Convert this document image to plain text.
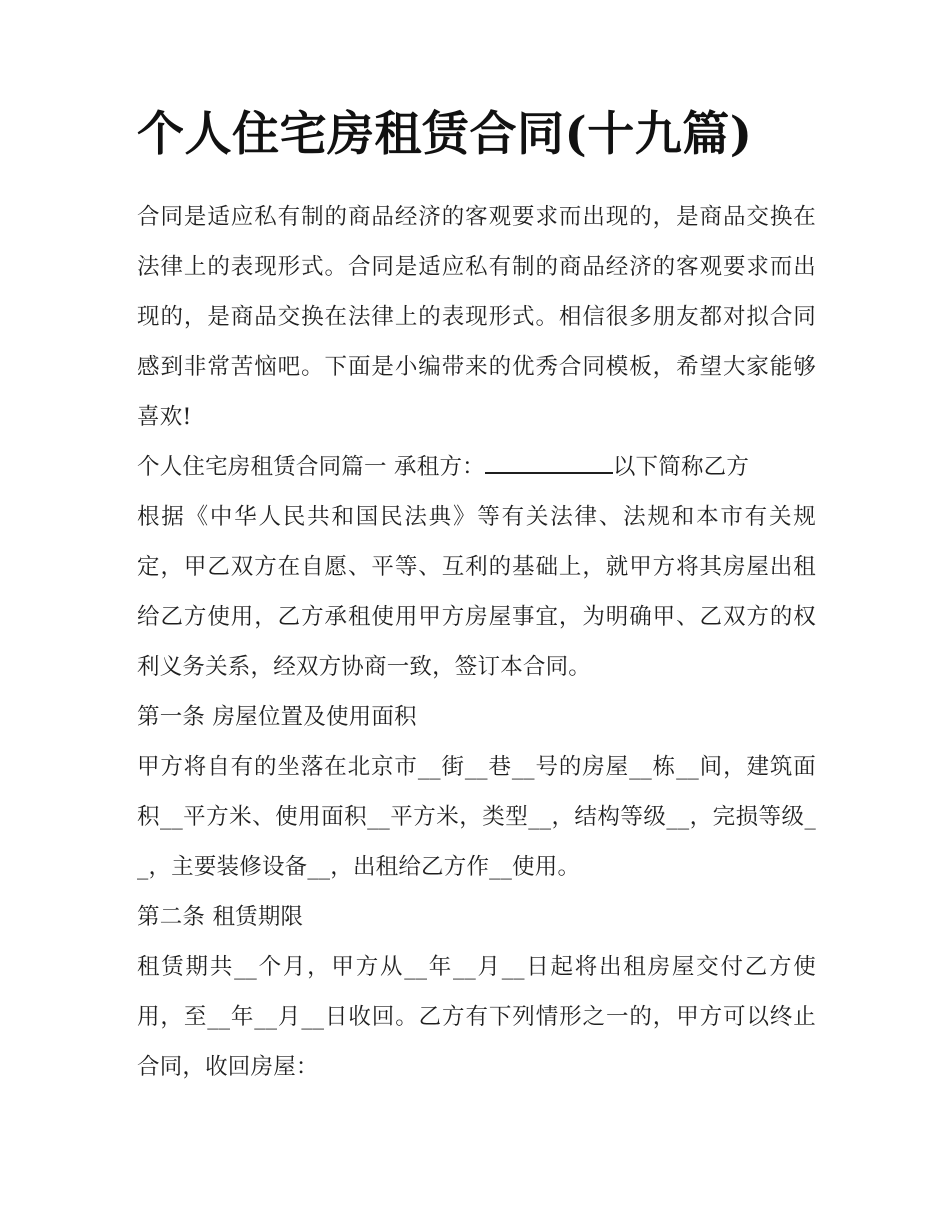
个人住宅房租赁合同(十九篇)

合同是适应私有制的商品经济的客观要求而出现的，是商品交换在法律上的表现形式。合同是适应私有制的商品经济的客观要求而出现的，是商品交换在法律上的表现形式。相信很多朋友都对拟合同感到非常苦恼吧。下面是小编带来的优秀合同模板，希望大家能够喜欢!

个人住宅房租赁合同篇一 承租方：	以下简称乙方

根据《中华人民共和国民法典》等有关法律、法规和本市有关规定，甲乙双方在自愿、平等、互利的基础上，就甲方将其房屋出租给乙方使用，乙方承租使用甲方房屋事宜，为明确甲、乙双方的权利义务关系，经双方协商一致，签订本合同。

第一条 房屋位置及使用面积

甲方将自有的坐落在北京市__街__巷__号的房屋__栋__间，建筑面积__平方米、使用面积__平方米，类型__，结构等级__，完损等级__，主要装修设备__，出租给乙方作__使用。

第二条 租赁期限

租赁期共__个月，甲方从__年__月__日起将出租房屋交付乙方使用，至__年__月__日收回。乙方有下列情形之一的，甲方可以终止合同，收回房屋：
